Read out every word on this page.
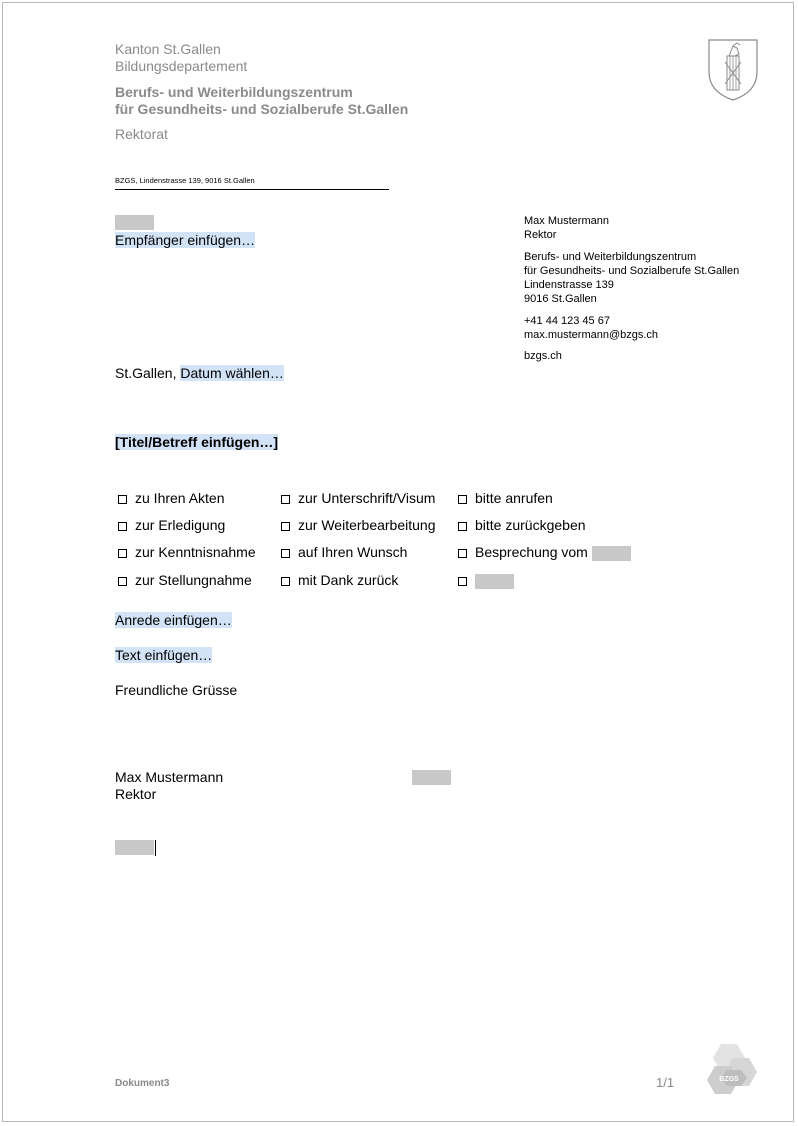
Kanton St.Gallen
Bildungsdepartement
Berufs- und Weiterbildungszentrum
für Gesundheits- und Sozialberufe St.Gallen
Rektorat
BZGS, Lindenstrasse 139, 9016 St.Gallen
Empfänger einfügen…
Max Mustermann
Rektor
Berufs- und Weiterbildungszentrum
für Gesundheits- und Sozialberufe St.Gallen
Lindenstrasse 139
9016 St.Gallen
+41 44 123 45 67
max.mustermann@bzgs.ch
bzgs.ch
St.Gallen, Datum wählen…
[Titel/Betreff einfügen…]
zu Ihren Akten	zur Unterschrift/Visum	bitte anrufen
zur Erledigung	zur Weiterbearbeitung	bitte zurückgeben
zur Kenntnisnahme	auf Ihren Wunsch	Besprechung vom
zur Stellungnahme	mit Dank zurück
Anrede einfügen…
Text einfügen…
Freundliche Grüsse
Max Mustermann
Rektor
Dokument3	1/1	BZGS
